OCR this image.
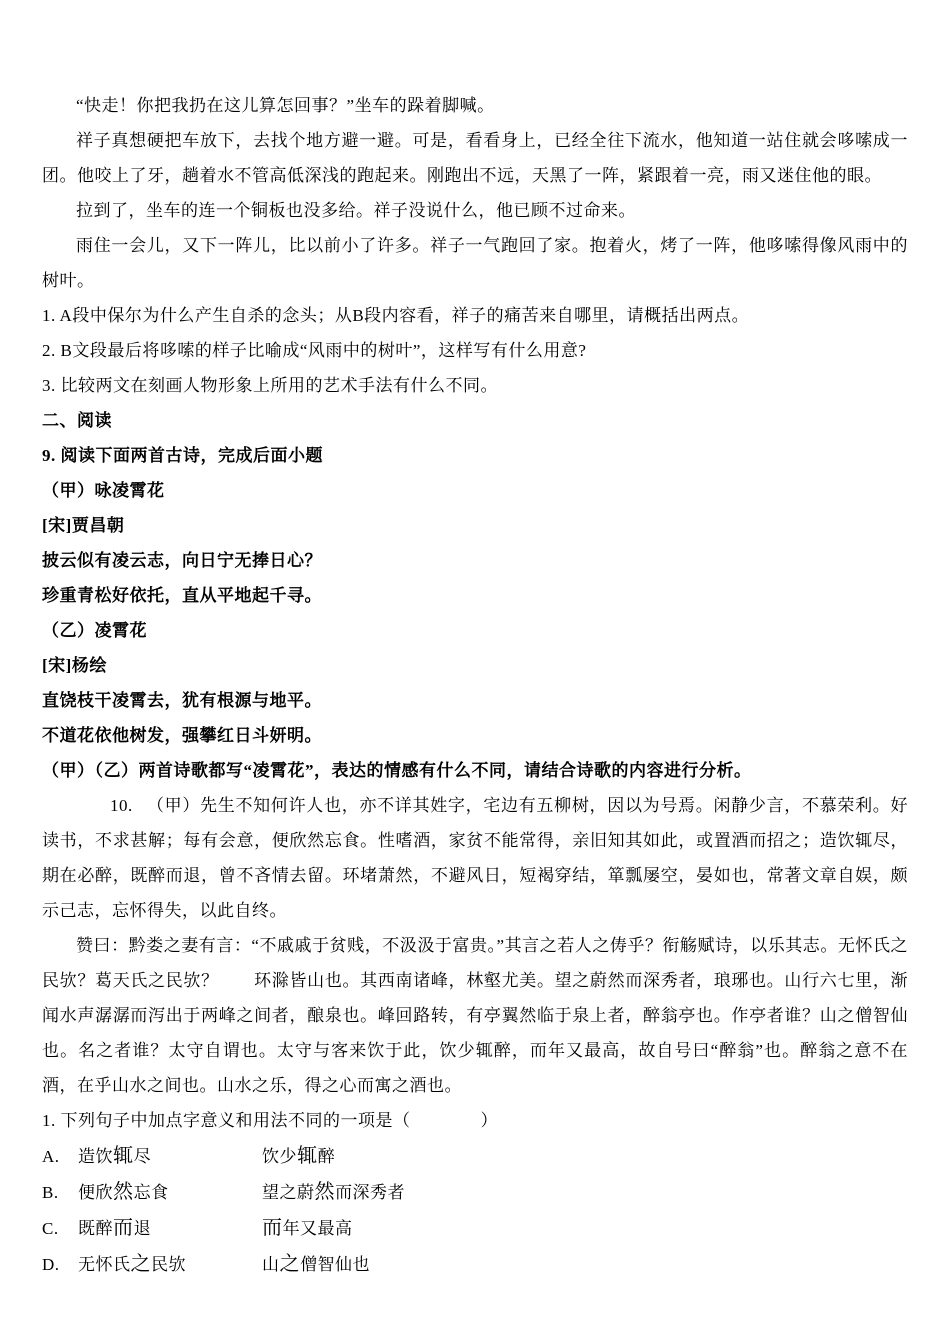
“快走！你把我扔在这儿算怎回事？”坐车的跺着脚喊。

祥子真想硬把车放下，去找个地方避一避。可是，看看身上，已经全往下流水，他知道一站住就会哆嗦成一团。他咬上了牙，趟着水不管高低深浅的跑起来。刚跑出不远，天黑了一阵，紧跟着一亮，雨又迷住他的眼。

拉到了，坐车的连一个铜板也没多给。祥子没说什么，他已顾不过命来。

雨住一会儿，又下一阵儿，比以前小了许多。祥子一气跑回了家。抱着火，烤了一阵，他哆嗦得像风雨中的树叶。

1. A段中保尔为什么产生自杀的念头；从B段内容看，祥子的痛苦来自哪里，请概括出两点。

2. B文段最后将哆嗦的样子比喻成“风雨中的树叶”，这样写有什么用意?

3. 比较两文在刻画人物形象上所用的艺术手法有什么不同。

二、阅读

9. 阅读下面两首古诗，完成后面小题

（甲）咏凌霄花

[宋]贾昌朝

披云似有凌云志，向日宁无捧日心？

珍重青松好依托，直从平地起千寻。

（乙）凌霄花

[宋]杨绘

直饶枝干凌霄去，犹有根源与地平。

不道花依他树发，强攀红日斗妍明。

（甲）（乙）两首诗歌都写“凌霄花”，表达的情感有什么不同，请结合诗歌的内容进行分析。

10. （甲）先生不知何许人也，亦不详其姓字，宅边有五柳树，因以为号焉。闲静少言，不慕荣利。好读书，不求甚解；每有会意，便欣然忘食。性嗜酒，家贫不能常得，亲旧知其如此，或置酒而招之；造饮辄尽，期在必醉，既醉而退，曾不吝情去留。环堵萧然，不避风日，短褐穿结，箪瓢屡空，晏如也，常著文章自娱，颇示己志，忘怀得失，以此自终。

赞曰：黔娄之妻有言：“不戚戚于贫贱，不汲汲于富贵。”其言之若人之俦乎？衔觞赋诗，以乐其志。无怀氏之民欤？葛天氏之民欤？　　环滁皆山也。其西南诸峰，林壑尤美。望之蔚然而深秀者，琅琊也。山行六七里，渐闻水声潺潺而泻出于两峰之间者，酿泉也。峰回路转，有亭翼然临于泉上者，醉翁亭也。作亭者谁？山之僧智仙也。名之者谁？太守自谓也。太守与客来饮于此，饮少辄醉，而年又最高，故自号曰“醉翁”也。醉翁之意不在酒，在乎山水之间也。山水之乐，得之心而寓之酒也。

1. 下列句子中加点字意义和用法不同的一项是（　　　　）

A.	造饮辄尽	饮少辄醉
B.	便欣然忘食	望之蔚然而深秀者
C.	既醉而退	而年又最高
D.	无怀氏之民欤	山之僧智仙也
